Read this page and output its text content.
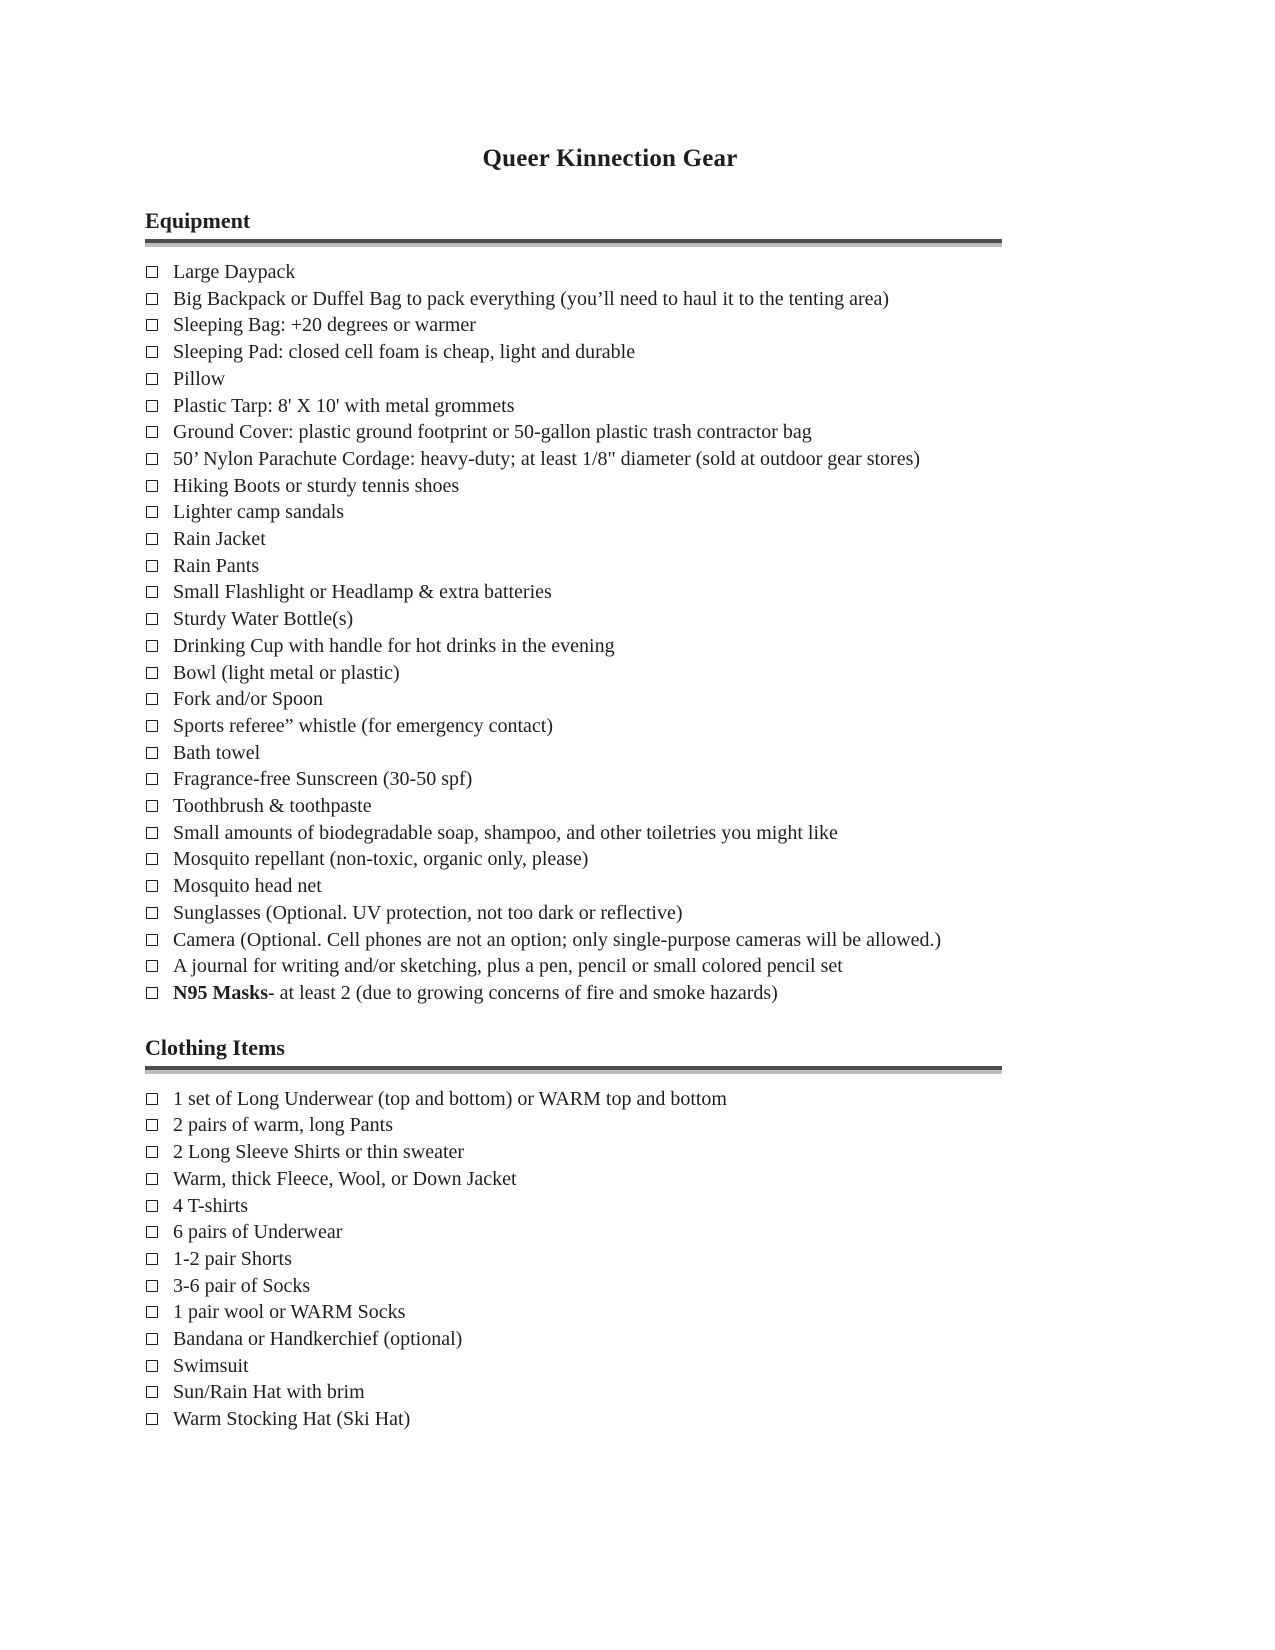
Queer Kinnection Gear
Equipment
Large Daypack
Big Backpack or Duffel Bag to pack everything (you’ll need to haul it to the tenting area)
Sleeping Bag: +20 degrees or warmer
Sleeping Pad: closed cell foam is cheap, light and durable
Pillow
Plastic Tarp: 8' X 10' with metal grommets
Ground Cover: plastic ground footprint or 50-gallon plastic trash contractor bag
50’ Nylon Parachute Cordage: heavy-duty; at least 1/8" diameter (sold at outdoor gear stores)
Hiking Boots or sturdy tennis shoes
Lighter camp sandals
Rain Jacket
Rain Pants
Small Flashlight or Headlamp & extra batteries
Sturdy Water Bottle(s)
Drinking Cup with handle for hot drinks in the evening
Bowl (light metal or plastic)
Fork and/or Spoon
Sports referee” whistle (for emergency contact)
Bath towel
Fragrance-free Sunscreen (30-50 spf)
Toothbrush & toothpaste
Small amounts of biodegradable soap, shampoo, and other toiletries you might like
Mosquito repellant (non-toxic, organic only, please)
Mosquito head net
Sunglasses (Optional. UV protection, not too dark or reflective)
Camera (Optional. Cell phones are not an option; only single-purpose cameras will be allowed.)
A journal for writing and/or sketching, plus a pen, pencil or small colored pencil set
N95 Masks- at least 2 (due to growing concerns of fire and smoke hazards)
Clothing Items
1 set of Long Underwear (top and bottom) or WARM top and bottom
2 pairs of warm, long Pants
2 Long Sleeve Shirts or thin sweater
Warm, thick Fleece, Wool, or Down Jacket
4 T-shirts
6 pairs of Underwear
1-2 pair Shorts
3-6 pair of Socks
1 pair wool or WARM Socks
Bandana or Handkerchief (optional)
Swimsuit
Sun/Rain Hat with brim
Warm Stocking Hat (Ski Hat)
